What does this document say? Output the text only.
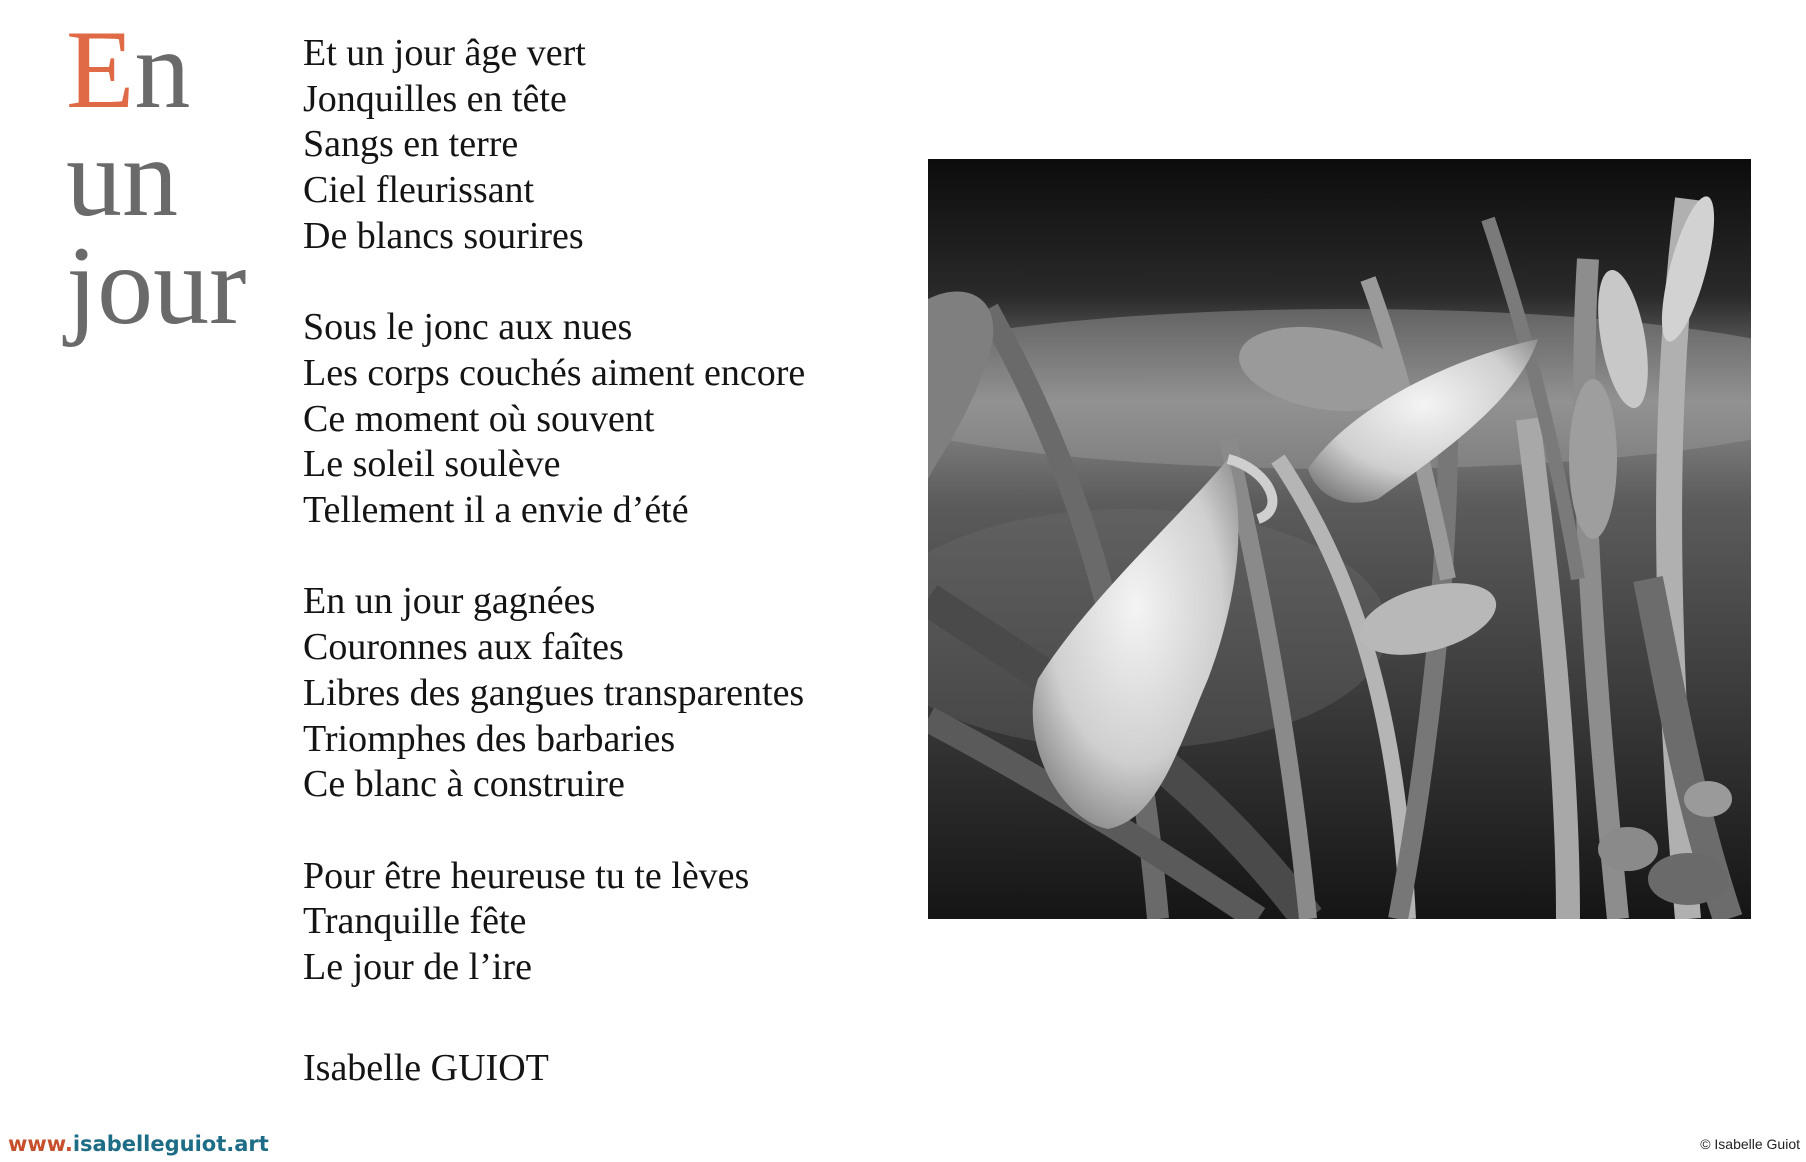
En
un
jour
Et un jour âge vert
Jonquilles en tête
Sangs en terre
Ciel fleurissant
De blancs sourires
Sous le jonc aux nues
Les corps couchés aiment encore
Ce moment où souvent
Le soleil soulève
Tellement il a envie d’été
En un jour gagnées
Couronnes aux faîtes
Libres des gangues transparentes
Triomphes des barbaries
Ce blanc à construire
Pour être heureuse tu te lèves
Tranquille fête
Le jour de l’ire
Isabelle GUIOT
www.isabelleguiot.art	© Isabelle Guiot
